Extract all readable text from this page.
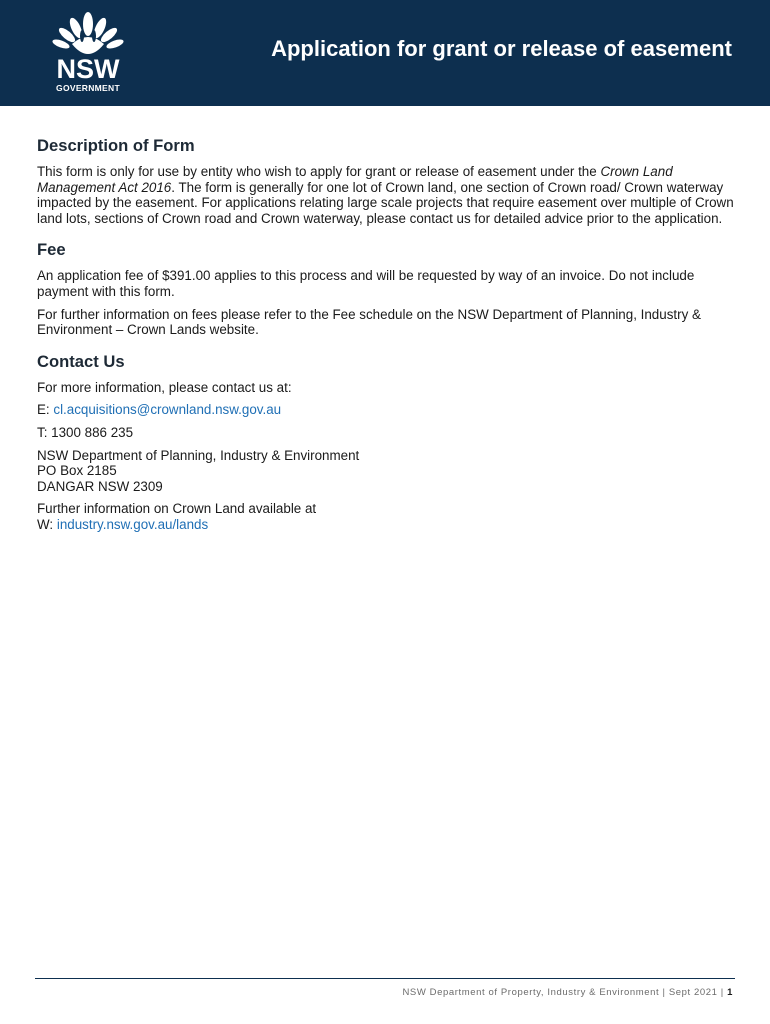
NSW
GOVERNMENT
Application for grant or release of easement
Description of Form

This form is only for use by entity who wish to apply for grant or release of easement under the Crown Land Management Act 2016. The form is generally for one lot of Crown land, one section of Crown road/ Crown waterway impacted by the easement. For applications relating large scale projects that require easement over multiple of Crown land lots, sections of Crown road and Crown waterway, please contact us for detailed advice prior to the application.

Fee

An application fee of $391.00 applies to this process and will be requested by way of an invoice. Do not include payment with this form.

For further information on fees please refer to the Fee schedule on the NSW Department of Planning, Industry & Environment – Crown Lands website.

Contact Us

For more information, please contact us at:

E: cl.acquisitions@crownland.nsw.gov.au

T: 1300 886 235

NSW Department of Planning, Industry & Environment
PO Box 2185
DANGAR NSW 2309

Further information on Crown Land available at
W: industry.nsw.gov.au/lands

NSW Department of Property, Industry & Environment | Sept 2021 | 1
